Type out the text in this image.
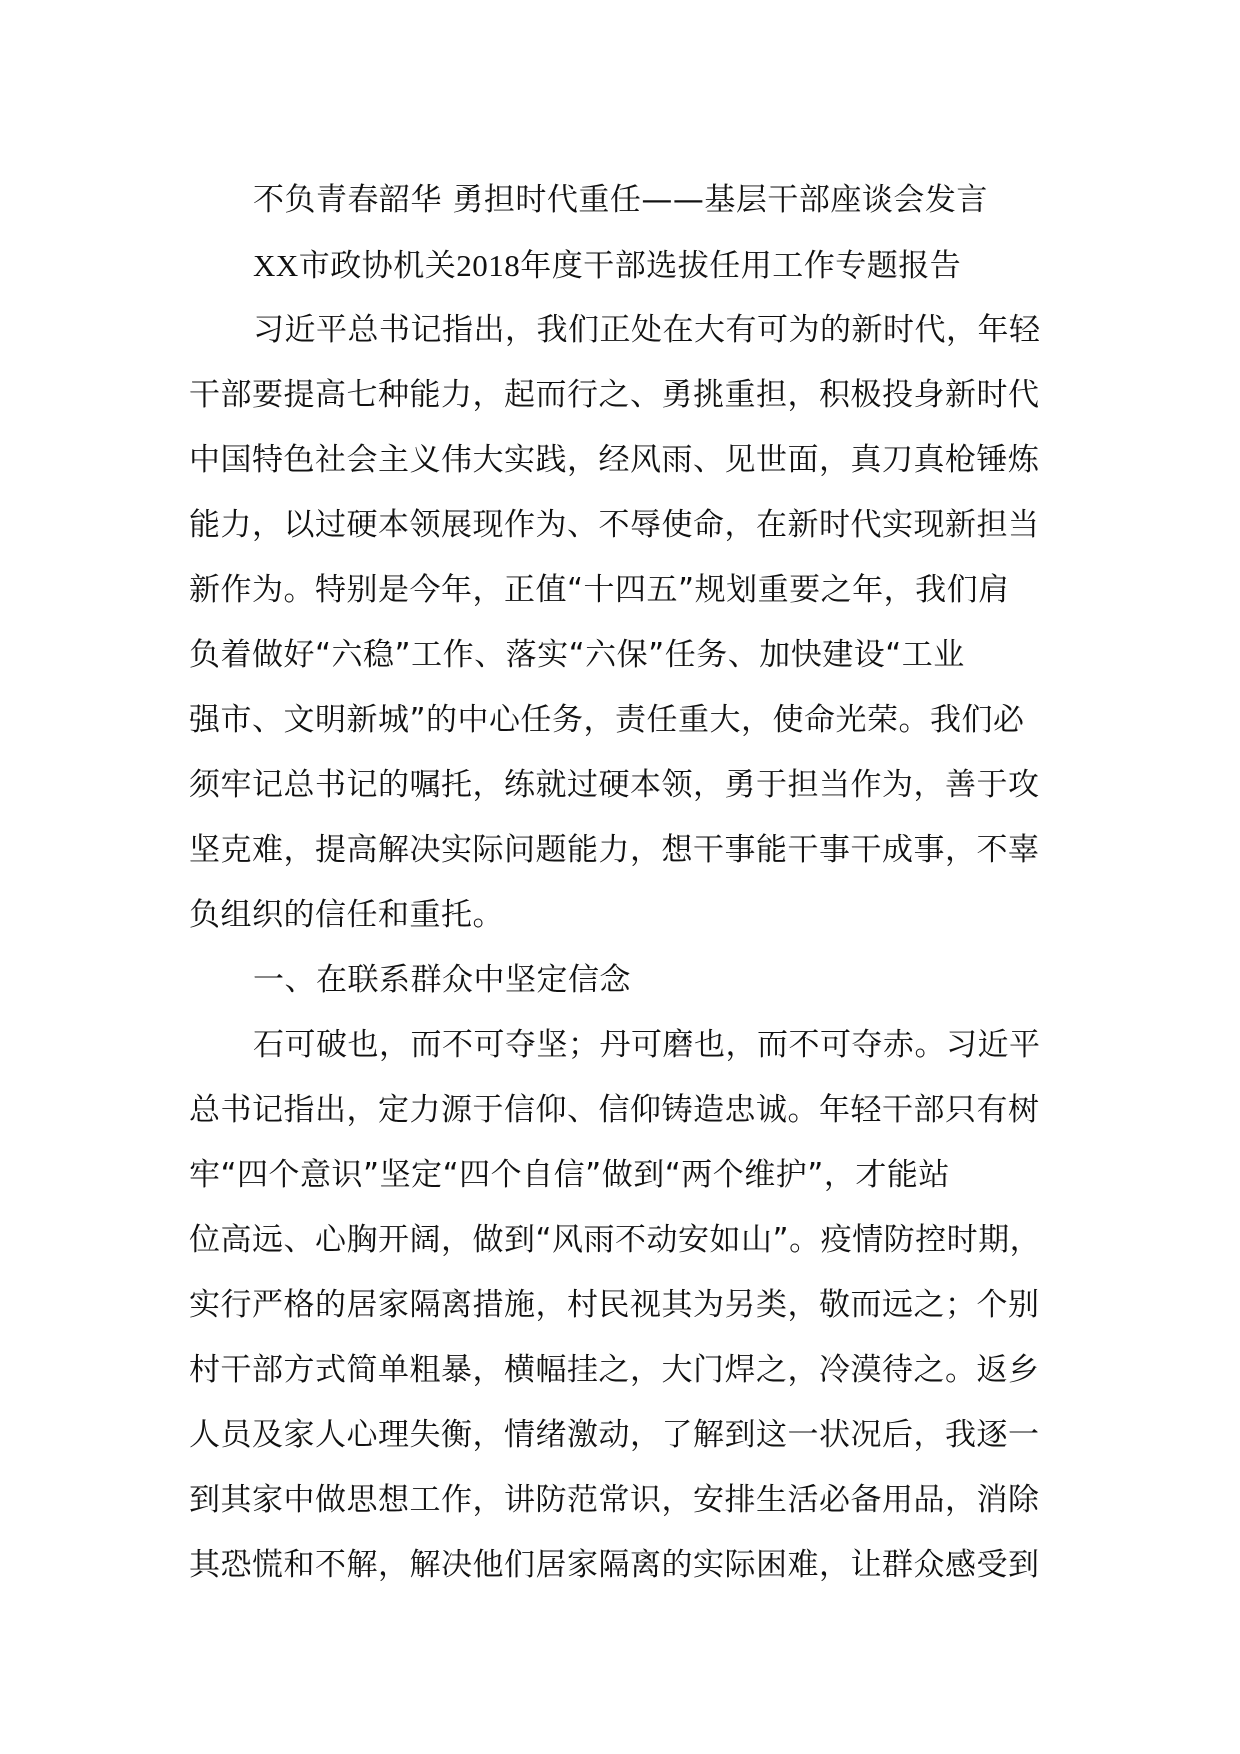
不负青春韶华 勇担时代重任——基层干部座谈会发言
XX市政协机关2018年度干部选拔任用工作专题报告
习近平总书记指出，我们正处在大有可为的新时代，年轻
干部要提高七种能力，起而行之、勇挑重担，积极投身新时代
中国特色社会主义伟大实践，经风雨、见世面，真刀真枪锤炼
能力，以过硬本领展现作为、不辱使命，在新时代实现新担当
新作为。特别是今年，正值“十四五”规划重要之年，我们肩
负着做好“六稳”工作、落实“六保”任务、加快建设“工业
强市、文明新城”的中心任务，责任重大，使命光荣。我们必
须牢记总书记的嘱托，练就过硬本领，勇于担当作为，善于攻
坚克难，提高解决实际问题能力，想干事能干事干成事，不辜
负组织的信任和重托。
一、在联系群众中坚定信念
石可破也，而不可夺坚；丹可磨也，而不可夺赤。习近平
总书记指出，定力源于信仰、信仰铸造忠诚。年轻干部只有树
牢“四个意识”坚定“四个自信”做到“两个维护”，才能站
位高远、心胸开阔，做到“风雨不动安如山”。疫情防控时期，
实行严格的居家隔离措施，村民视其为另类，敬而远之；个别
村干部方式简单粗暴，横幅挂之，大门焊之，冷漠待之。返乡
人员及家人心理失衡，情绪激动，了解到这一状况后，我逐一
到其家中做思想工作，讲防范常识，安排生活必备用品，消除
其恐慌和不解，解决他们居家隔离的实际困难，让群众感受到
